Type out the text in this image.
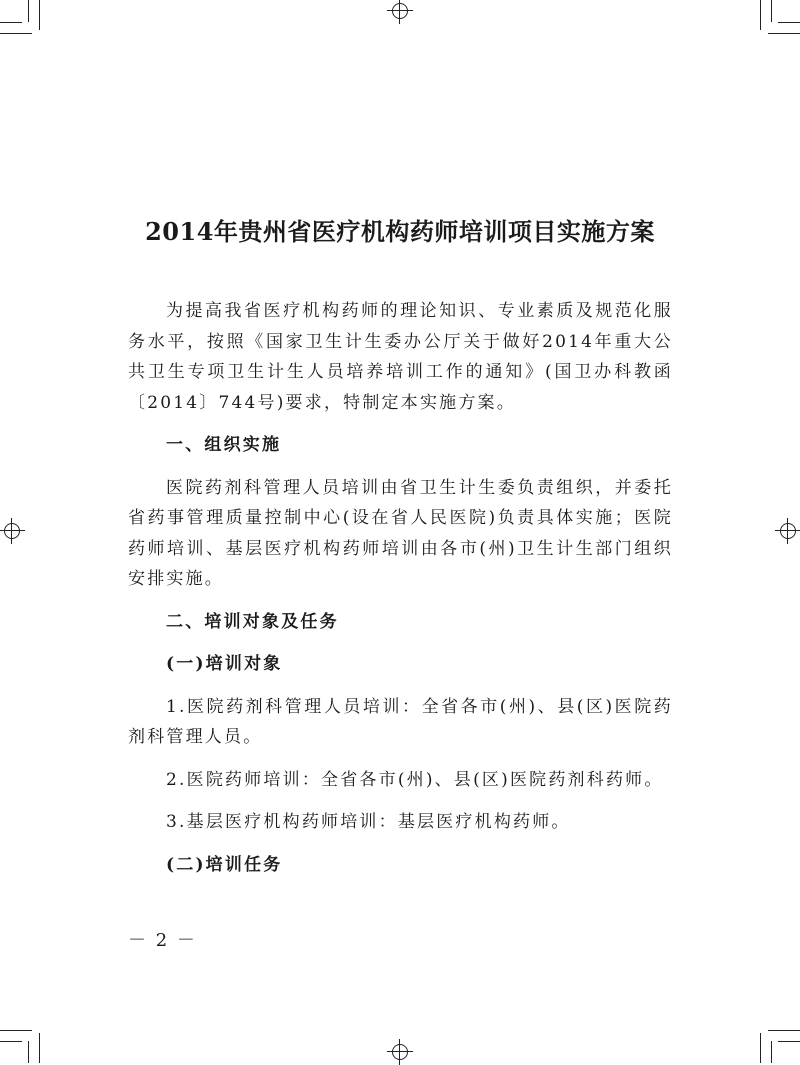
2014年贵州省医疗机构药师培训项目实施方案

为提高我省医疗机构药师的理论知识、专业素质及规范化服务水平，按照《国家卫生计生委办公厅关于做好2014年重大公共卫生专项卫生计生人员培养培训工作的通知》(国卫办科教函〔2014〕744号)要求，特制定本实施方案。

一、组织实施

医院药剂科管理人员培训由省卫生计生委负责组织，并委托省药事管理质量控制中心(设在省人民医院)负责具体实施；医院药师培训、基层医疗机构药师培训由各市(州)卫生计生部门组织安排实施。

二、培训对象及任务

(一)培训对象

1.医院药剂科管理人员培训：全省各市(州)、县(区)医院药剂科管理人员。

2.医院药师培训：全省各市(州)、县(区)医院药剂科药师。

3.基层医疗机构药师培训：基层医疗机构药师。

(二)培训任务

－ 2 －
